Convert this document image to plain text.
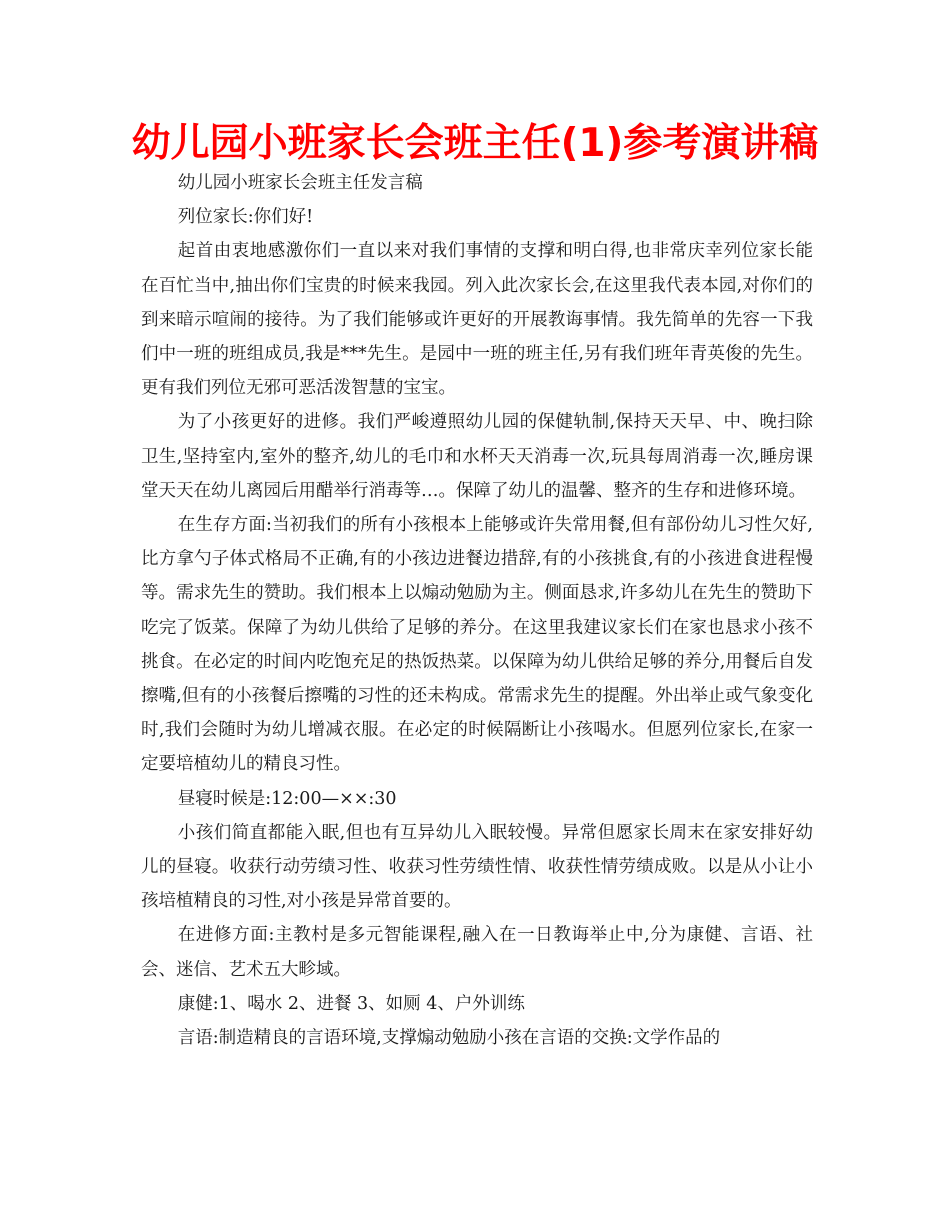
幼儿园小班家长会班主任(1)参考演讲稿

幼儿园小班家长会班主任发言稿

列位家长:你们好!

起首由衷地感激你们一直以来对我们事情的支撑和明白得,也非常庆幸列位家长能在百忙当中,抽出你们宝贵的时候来我园。列入此次家长会,在这里我代表本园,对你们的到来暗示喧闹的接待。为了我们能够或许更好的开展教诲事情。我先简单的先容一下我们中一班的班组成员,我是***先生。是园中一班的班主任,另有我们班年青英俊的先生。更有我们列位无邪可恶活泼智慧的宝宝。

为了小孩更好的进修。我们严峻遵照幼儿园的保健轨制,保持天天早、中、晚扫除卫生,坚持室内,室外的整齐,幼儿的毛巾和水杯天天消毒一次,玩具每周消毒一次,睡房课堂天天在幼儿离园后用醋举行消毒等…。保障了幼儿的温馨、整齐的生存和进修环境。

在生存方面:当初我们的所有小孩根本上能够或许失常用餐,但有部份幼儿习性欠好,比方拿勺子体式格局不正确,有的小孩边进餐边措辞,有的小孩挑食,有的小孩进食进程慢等。需求先生的赞助。我们根本上以煽动勉励为主。侧面恳求,许多幼儿在先生的赞助下吃完了饭菜。保障了为幼儿供给了足够的养分。在这里我建议家长们在家也恳求小孩不挑食。在必定的时间内吃饱充足的热饭热菜。以保障为幼儿供给足够的养分,用餐后自发擦嘴,但有的小孩餐后擦嘴的习性的还未构成。常需求先生的提醒。外出举止或气象变化时,我们会随时为幼儿增减衣服。在必定的时候隔断让小孩喝水。但愿列位家长,在家一定要培植幼儿的精良习性。

昼寝时候是:12:00—××:30

小孩们简直都能入眠,但也有互异幼儿入眠较慢。异常但愿家长周末在家安排好幼儿的昼寝。收获行动劳绩习性、收获习性劳绩性情、收获性情劳绩成败。以是从小让小孩培植精良的习性,对小孩是异常首要的。

在进修方面:主教村是多元智能课程,融入在一日教诲举止中,分为康健、言语、社会、迷信、艺术五大畛域。

康健:1、喝水 2、进餐 3、如厕 4、户外训练

言语:制造精良的言语环境,支撑煽动勉励小孩在言语的交换:文学作品的
